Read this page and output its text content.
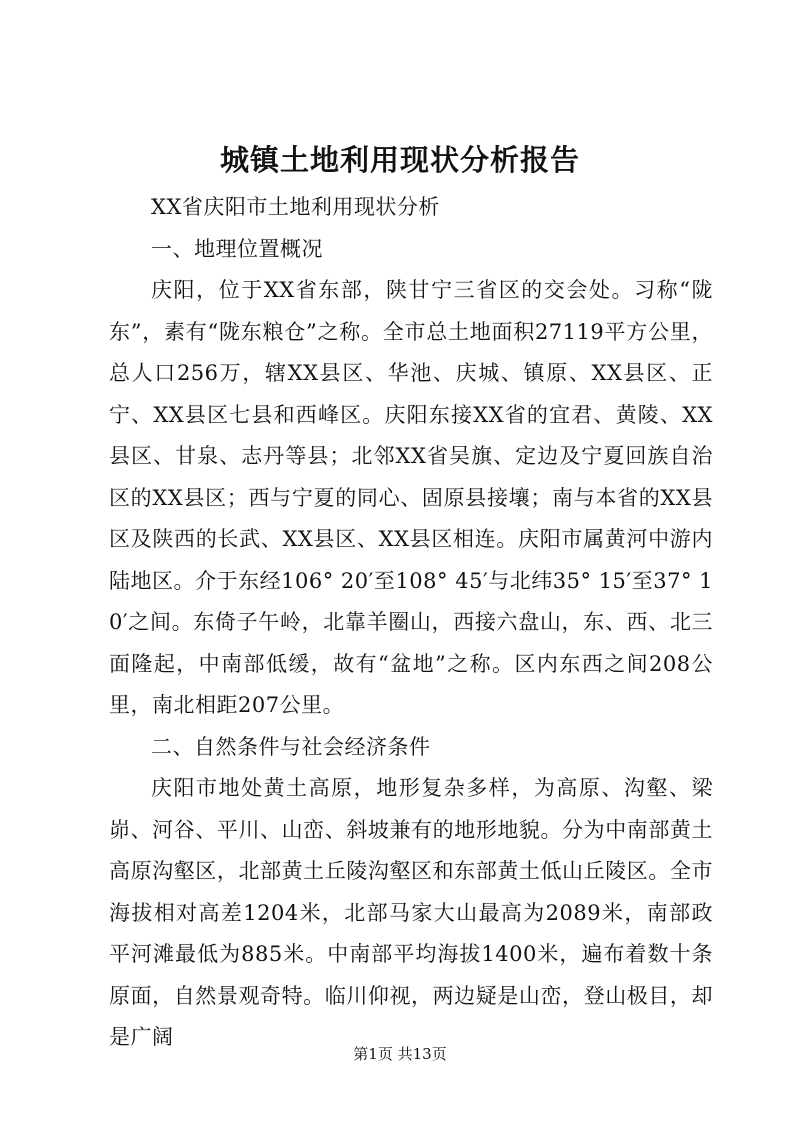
城镇土地利用现状分析报告

XX省庆阳市土地利用现状分析

一、地理位置概况

庆阳，位于XX省东部，陕甘宁三省区的交会处。习称“陇东”，素有“陇东粮仓”之称。全市总土地面积27119平方公里，总人口256万，辖XX县区、华池、庆城、镇原、XX县区、正宁、XX县区七县和西峰区。庆阳东接XX省的宜君、黄陵、XX县区、甘泉、志丹等县；北邻XX省吴旗、定边及宁夏回族自治区的XX县区；西与宁夏的同心、固原县接壤；南与本省的XX县区及陕西的长武、XX县区、XX县区相连。庆阳市属黄河中游内陆地区。介于东经106° 20′至108° 45′与北纬35° 15′至37° 10′之间。东倚子午岭，北靠羊圈山，西接六盘山，东、西、北三面隆起，中南部低缓，故有“盆地”之称。区内东西之间208公里，南北相距207公里。

二、自然条件与社会经济条件

庆阳市地处黄土高原，地形复杂多样，为高原、沟壑、梁峁、河谷、平川、山峦、斜坡兼有的地形地貌。分为中南部黄土高原沟壑区，北部黄土丘陵沟壑区和东部黄土低山丘陵区。全市海拔相对高差1204米，北部马家大山最高为2089米，南部政平河滩最低为885米。中南部平均海拔1400米，遍布着数十条原面，自然景观奇特。临川仰视，两边疑是山峦，登山极目，却是广阔

第1页 共13页
